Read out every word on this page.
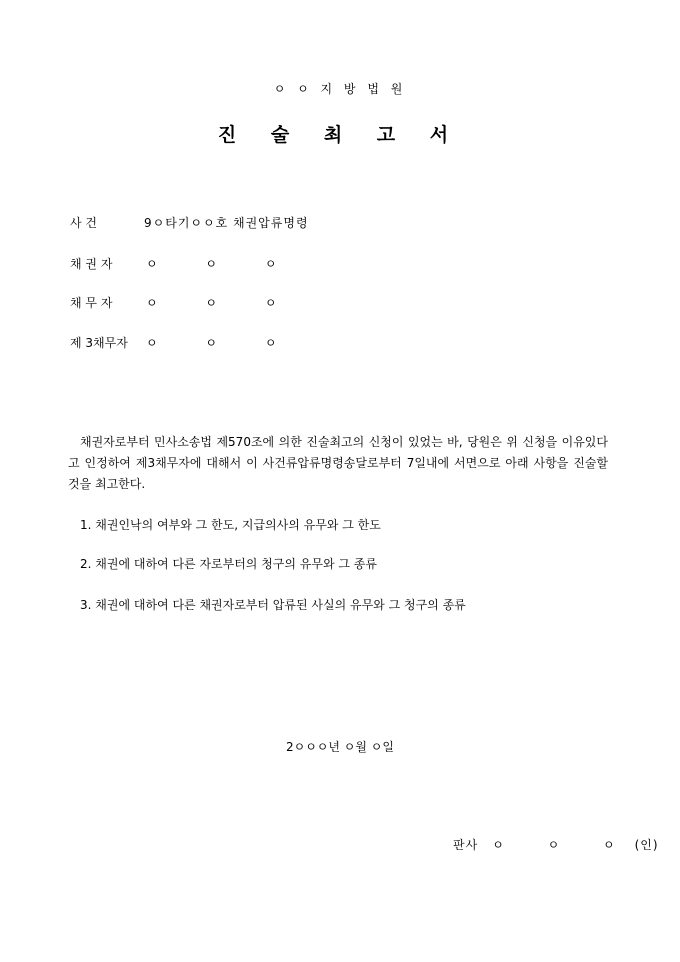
ㅇ ㅇ 지 방 법 원
진 술 최 고 서
사 건	9ㅇ타기ㅇㅇ호 채권압류명령
채 권 자	ㅇ ㅇ ㅇ
채 무 자	ㅇ ㅇ ㅇ
제 3채무자	ㅇ ㅇ ㅇ
채권자로부터 민사소송법 제570조에 의한 진술최고의 신청이 있었는 바, 당원은 위 신청을 이유있다고 인정하여 제3채무자에 대해서 이 사건류압류명령송달로부터 7일내에 서면으로 아래 사항을 진술할 것을 최고한다.
1. 채권인낙의 여부와 그 한도, 지급의사의 유무와 그 한도
2. 채권에 대하여 다른 자로부터의 청구의 유무와 그 종류
3. 채권에 대하여 다른 채권자로부터 압류된 사실의 유무와 그 청구의 종류
2ㅇㅇㅇ년 ㅇ월 ㅇ일
판사 ㅇ ㅇ ㅇ(인)
